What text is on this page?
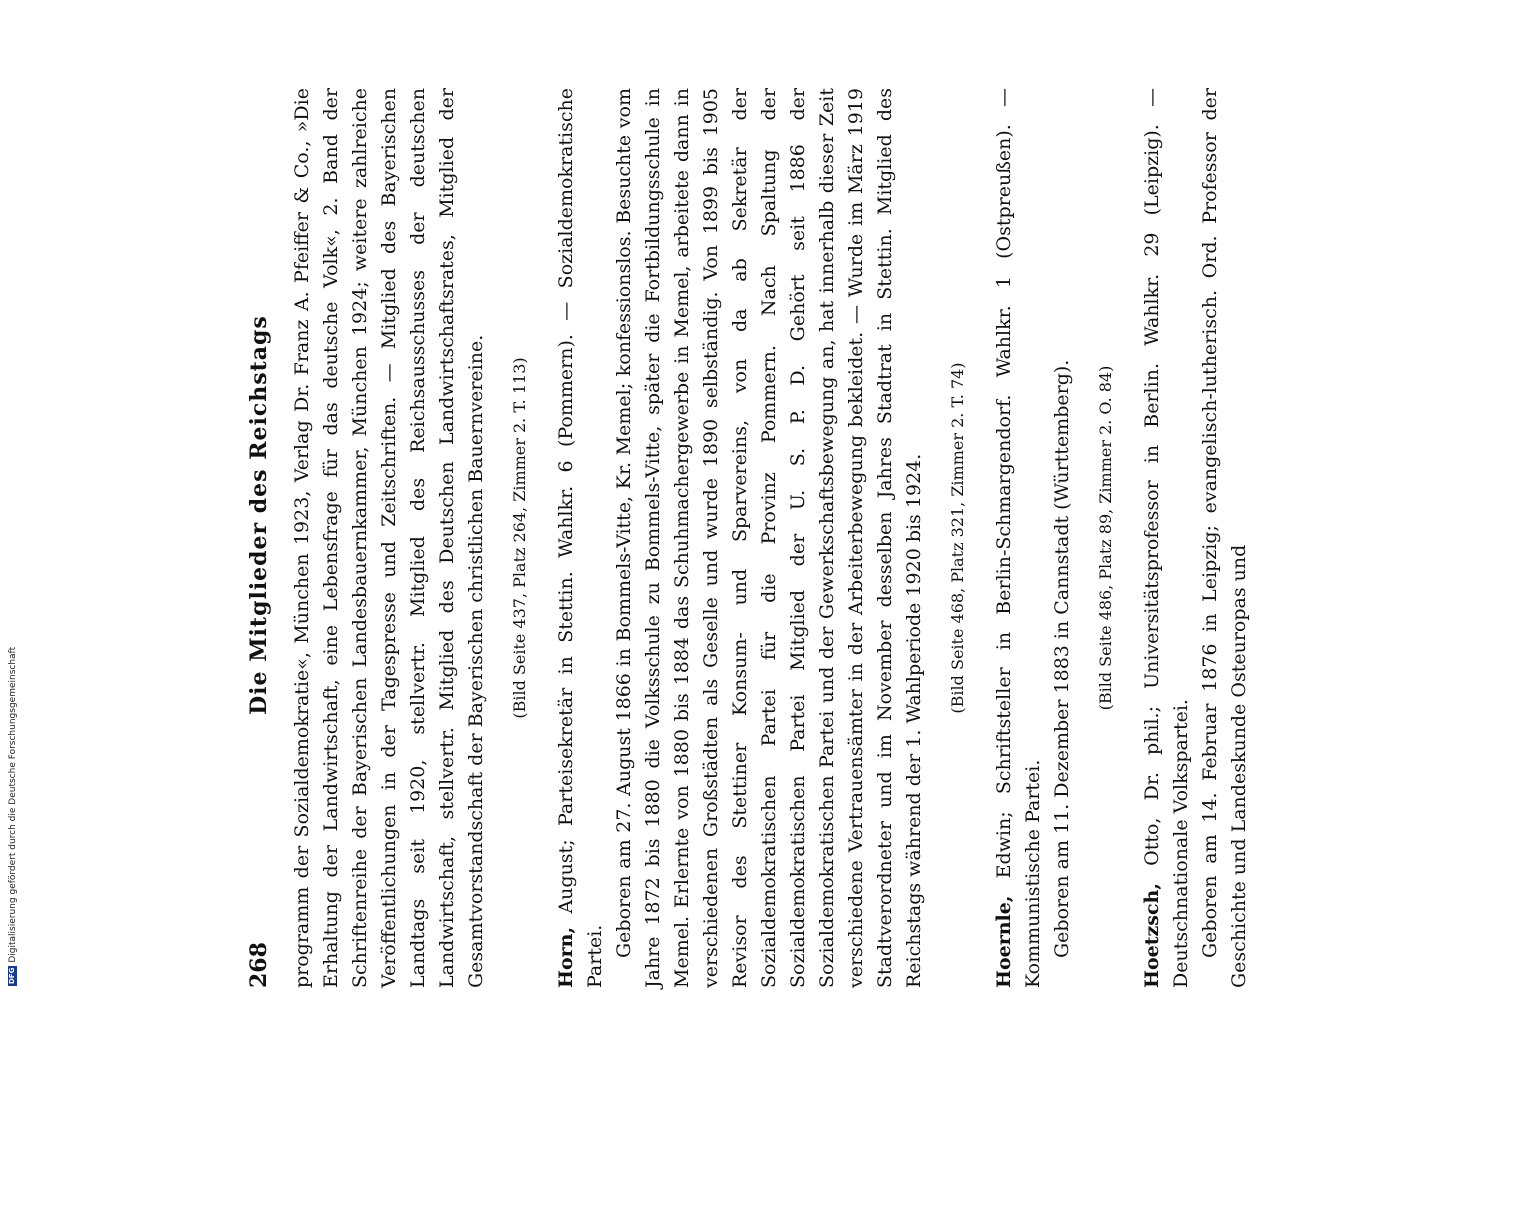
DFGDigitalisierung gefördert durch die Deutsche Forschungsgemeinschaft
268
Die Mitglieder des Reichstags programm der Sozialdemokratie«, München 1923, Verlag Dr. Franz A. Pfeiffer & Co., »Die Erhaltung der Landwirtschaft, eine Lebensfrage für das deutsche Volk«, 2. Band der Schriftenreihe der Bayerischen Landesbauernkammer, München 1924; weitere zahlreiche Veröffentlichungen in der Tagespresse und Zeitschriften. — Mitglied des Bayerischen Landtags seit 1920, stellvertr. Mitglied des Reichsausschusses der deutschen Landwirtschaft, stellvertr. Mitglied des Deutschen Landwirtschaftsrates, Mitglied der Gesamtvorstandschaft der Bayerischen christlichen Bauernvereine.	(Bild Seite 437, Platz 264, Zimmer 2. T. 113)

Horn, August; Parteisekretär in Stettin. Wahlkr. 6 (Pommern). — Sozialdemokratische Partei. Geboren am 27. August 1866 in Bommels-Vitte, Kr. Memel; konfessionslos. Besuchte vom Jahre 1872 bis 1880 die Volksschule zu Bommels-Vitte, später die Fortbildungsschule in Memel. Erlernte von 1880 bis 1884 das Schuhmachergewerbe in Memel, arbeitete dann in verschiedenen Großstädten als Geselle und wurde 1890 selbständig. Von 1899 bis 1905 Revisor des Stettiner Konsum- und Sparvereins, von da ab Sekretär der Sozialdemokratischen Partei für die Provinz Pommern. Nach Spaltung der Sozialdemokratischen Partei Mitglied der U. S. P. D. Gehört seit 1886 der Sozialdemokratischen Partei und der Gewerkschaftsbewegung an, hat innerhalb dieser Zeit verschiedene Vertrauensämter in der Arbeiterbewegung bekleidet. — Wurde im März 1919 Stadtverordneter und im November desselben Jahres Stadtrat in Stettin. Mitglied des Reichstags während der 1. Wahlperiode 1920 bis 1924.	(Bild Seite 468, Platz 321, Zimmer 2. T. 74)

Hoernle, Edwin; Schriftsteller in Berlin-Schmargendorf. Wahlkr. 1 (Ostpreußen). — Kommunistische Partei. Geboren am 11. Dezember 1883 in Cannstadt (Württemberg).	(Bild Seite 486, Platz 89, Zimmer 2. O. 84)

Hoetzsch, Otto, Dr. phil.; Universitätsprofessor in Berlin. Wahlkr. 29 (Leipzig). — Deutschnationale Volkspartei. Geboren am 14. Februar 1876 in Leipzig; evangelisch-lutherisch. Ord. Professor der Geschichte und Landeskunde Osteuropas und
